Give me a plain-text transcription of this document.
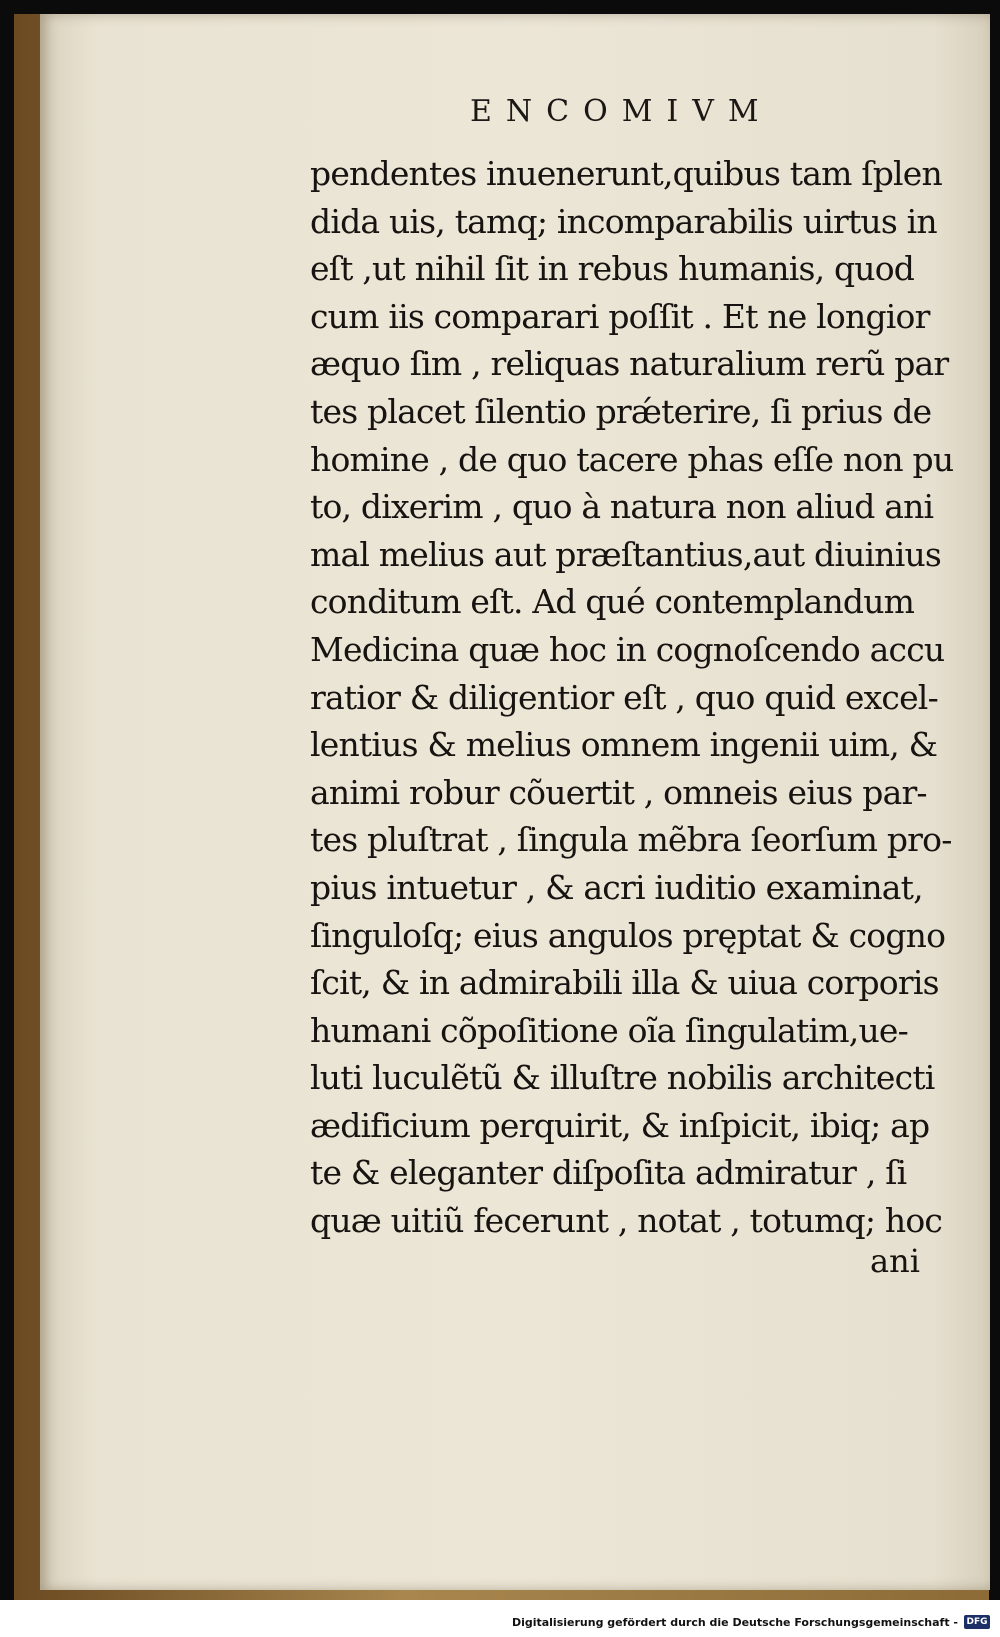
ENCOMIVM
pendentes inuenerunt,quibus tam ſplen
dida uis, tamq; incomparabilis uirtus in
eſt ,ut nihil ſit in rebus humanis, quod
cum iis comparari poſſit . Et ne longior
æquo ſim , reliquas naturalium rerũ par
tes placet ſilentio prǽterire, ſi prius de
homine , de quo tacere phas eſſe non pu
to, dixerim , quo à natura non aliud ani
mal melius aut præſtantius,aut diuinius
conditum eſt. Ad qué contemplandum
Medicina quæ hoc in cognoſcendo accu
ratior & diligentior eſt , quo quid excel-
lentius & melius omnem ingenii uim, &
animi robur cõuertit , omneis eius par-
tes pluſtrat , ſingula mẽbra ſeorſum pro-
pius intuetur , & acri iuditio examinat,
ſinguloſq; eius angulos pręptat & cogno
ſcit, & in admirabili illa & uiua corporis
humani cõpoſitione oĩa ſingulatim,ue-
luti luculẽtũ & illuſtre nobilis architecti
ædificium perquirit, & inſpicit, ibiq; ap
te & eleganter diſpoſita admiratur , ſi
quæ uitiũ fecerunt , notat , totumq; hoc
ani
Digitalisierung gefördert durch die Deutsche Forschungsgemeinschaft - DFG
